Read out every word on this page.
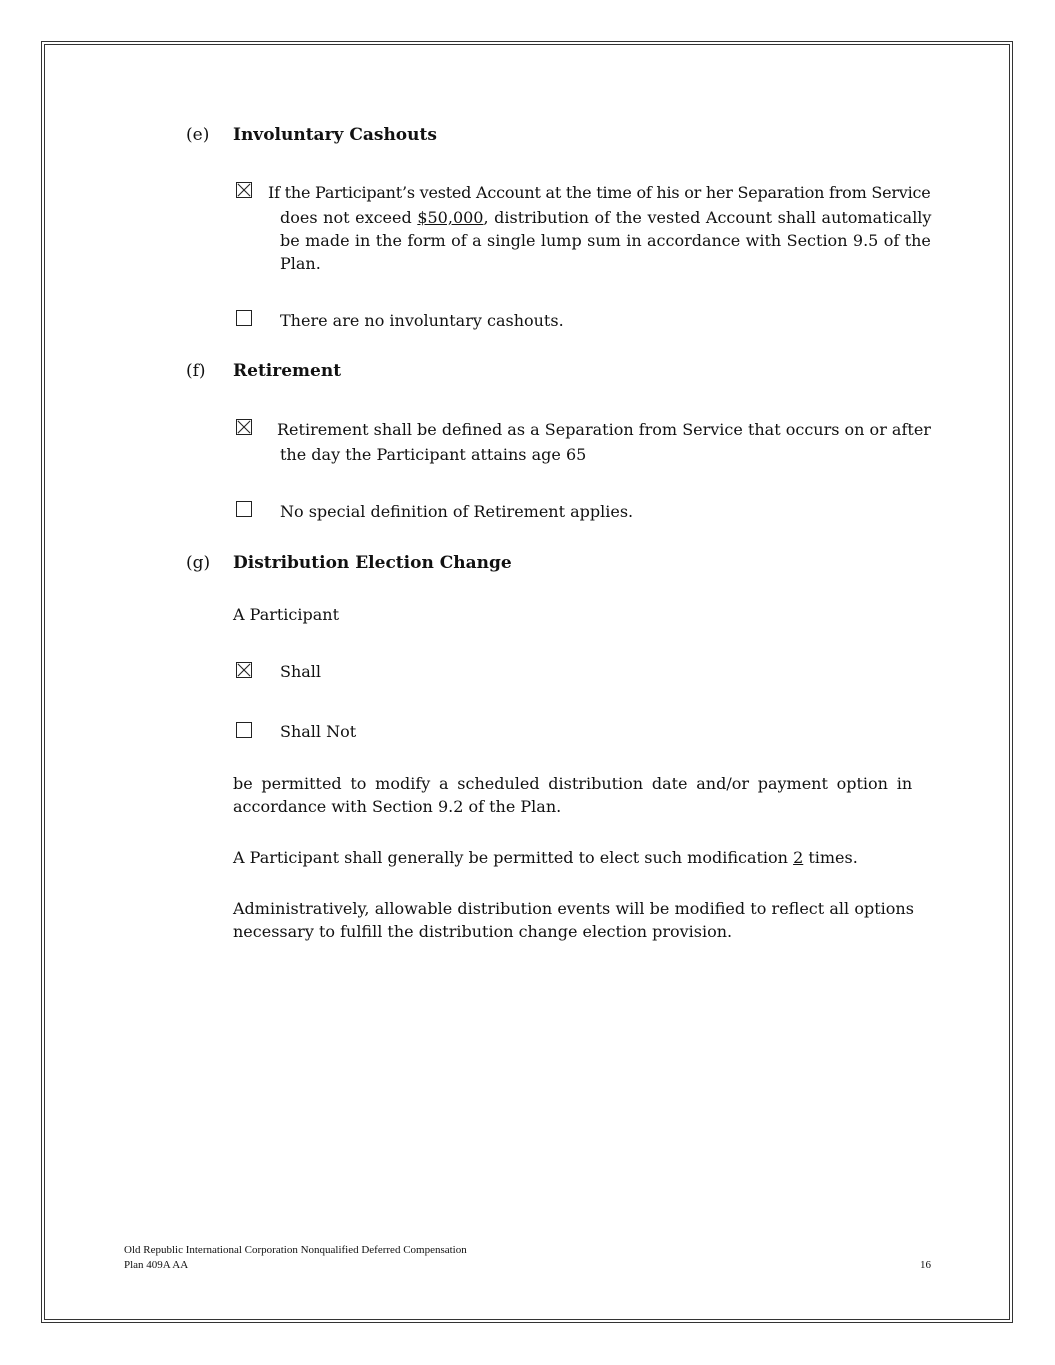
(e) Involuntary Cashouts
If the Participant’s vested Account at the time of his or her Separation from Service
does not exceed $50,000, distribution of the vested Account shall automatically
be made in the form of a single lump sum in accordance with Section 9.5 of the
Plan.
There are no involuntary cashouts.
(f) Retirement
Retirement shall be defined as a Separation from Service that occurs on or after
the day the Participant attains age 65
No special definition of Retirement applies.
(g) Distribution Election Change
A Participant
Shall
Shall Not
be permitted to modify a scheduled distribution date and/or payment option in
accordance with Section 9.2 of the Plan.
A Participant shall generally be permitted to elect such modification 2 times.
Administratively, allowable distribution events will be modified to reflect all options
necessary to fulfill the distribution change election provision.
Old Republic International Corporation Nonqualified Deferred Compensation
Plan 409A AA	16
